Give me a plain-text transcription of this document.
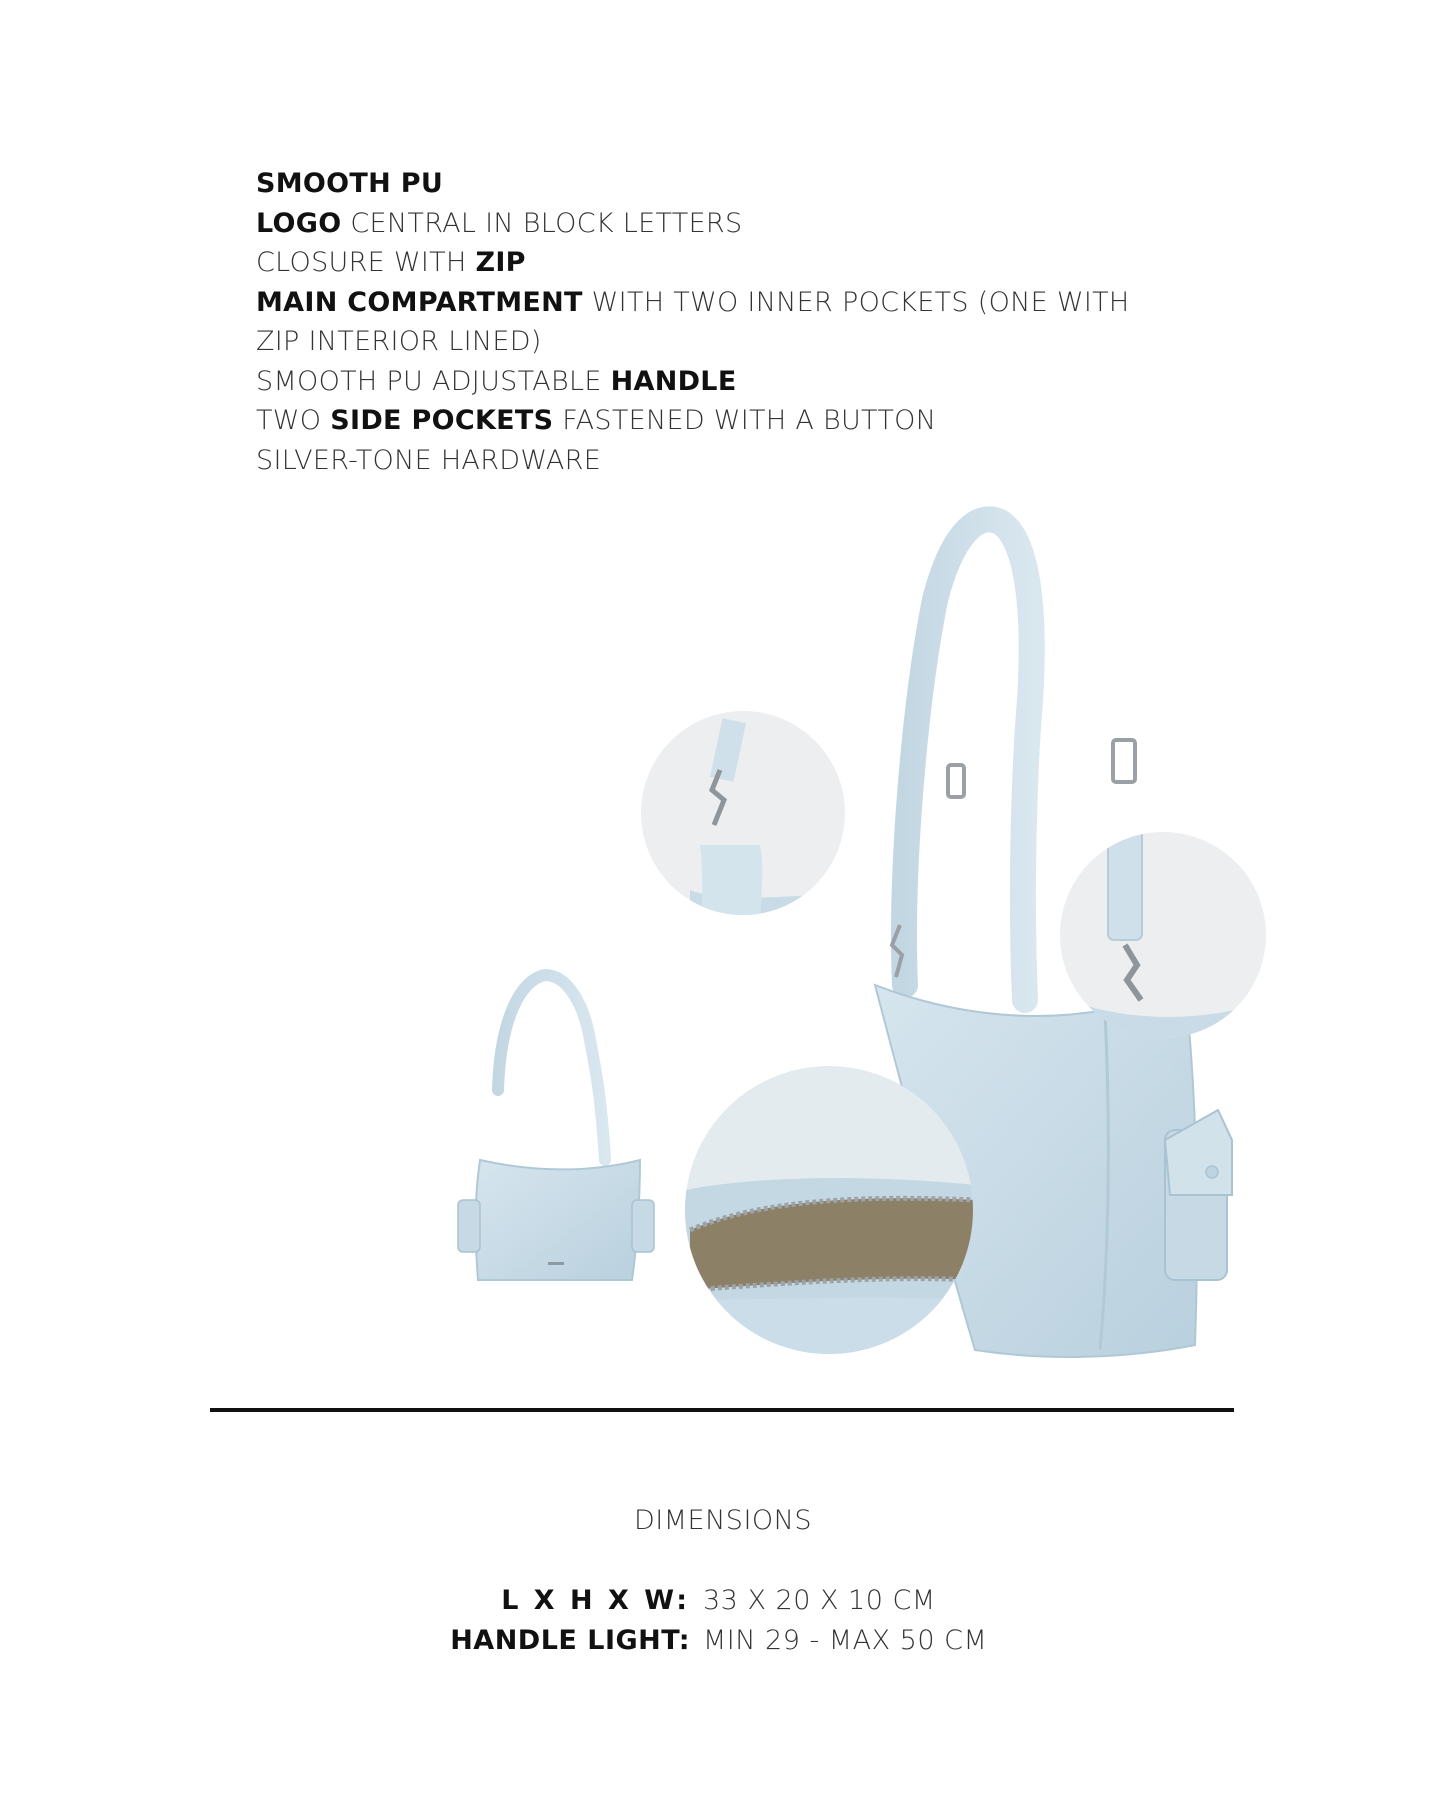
SMOOTH PU
LOGO CENTRAL IN BLOCK LETTERS
CLOSURE WITH ZIP
MAIN COMPARTMENT WITH TWO INNER POCKETS (ONE WITH
ZIP INTERIOR LINED)
SMOOTH PU ADJUSTABLE HANDLE
TWO SIDE POCKETS FASTENED WITH A BUTTON
SILVER-TONE HARDWARE
DIMENSIONS
L X H X W: 33 X 20 X 10 CM
HANDLE LIGHT: MIN 29 - MAX 50 CM
